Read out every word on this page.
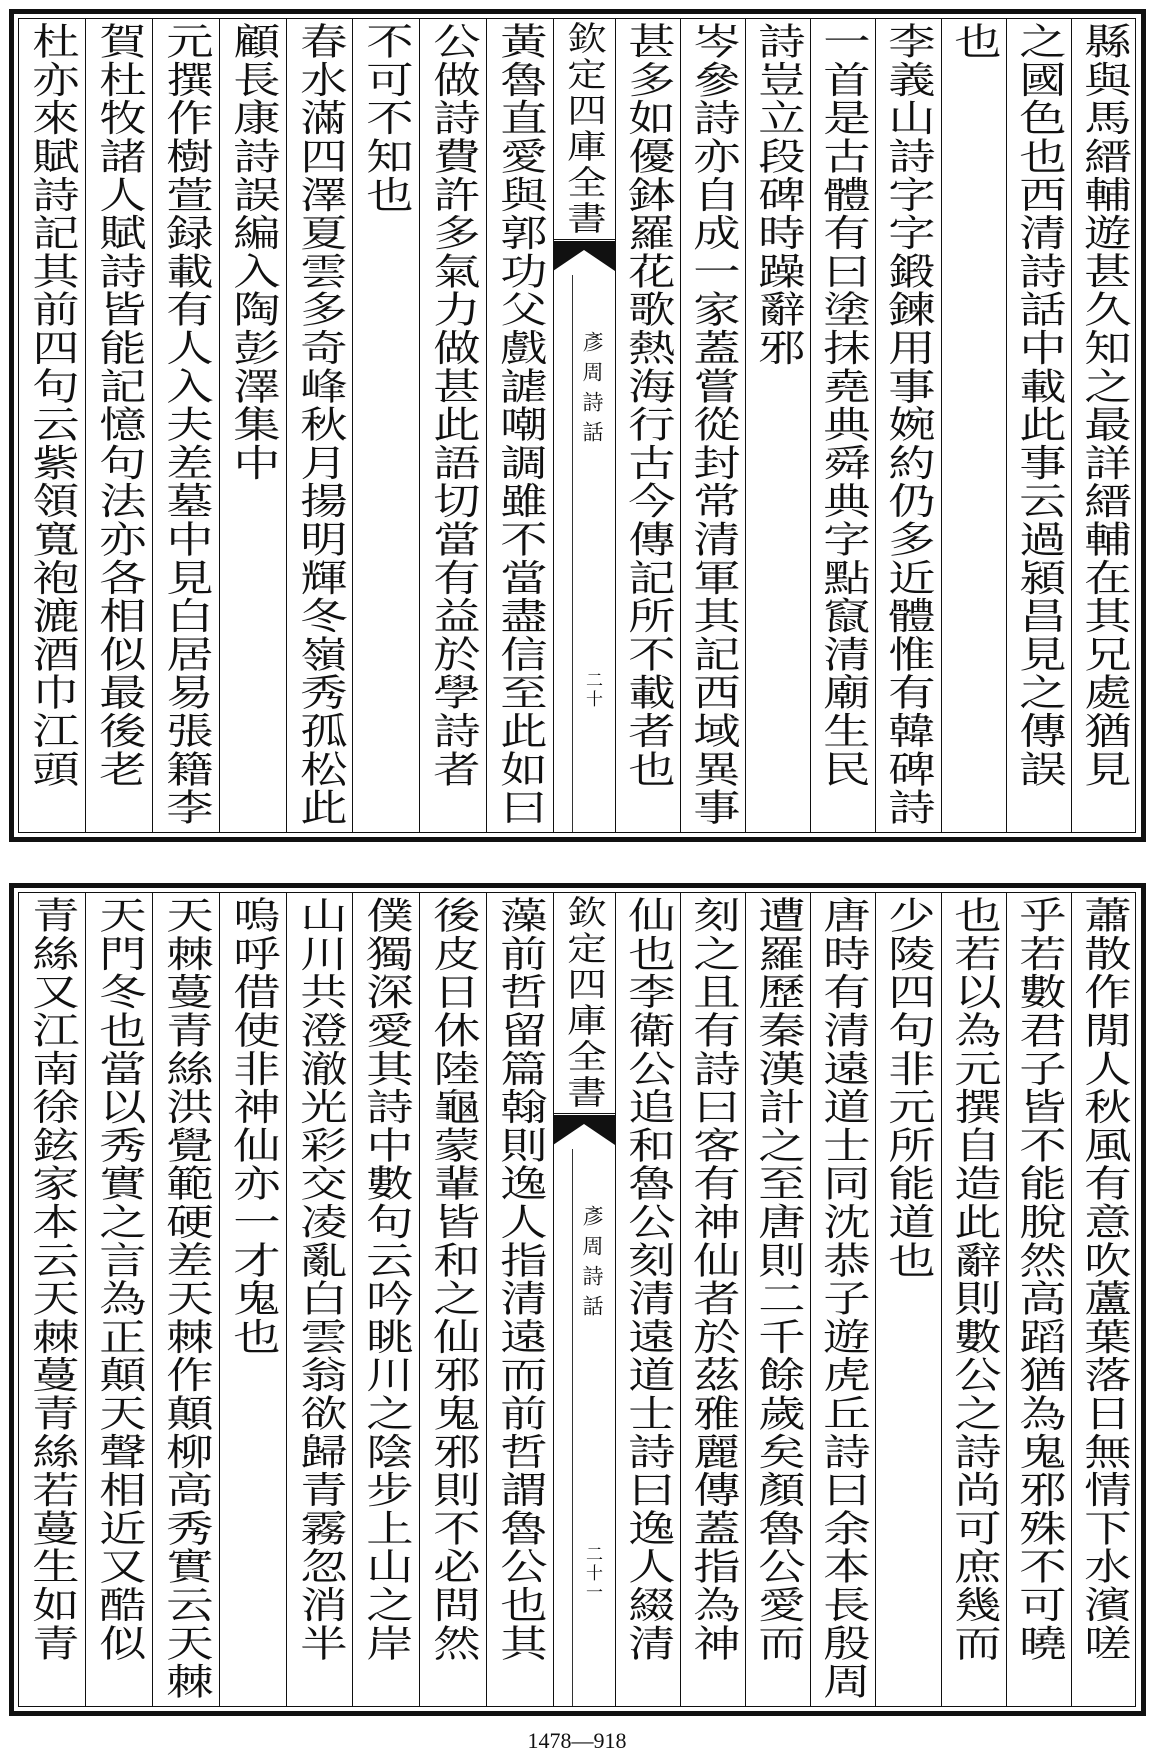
縣與馬縉輔遊甚久知之最詳縉輔在其兄處猶見
之國色也西清詩話中載此事云過潁昌見之傳誤
也
李義山詩字字鍛鍊用事婉約仍多近體惟有韓碑詩
一首是古體有曰塗抹堯典舜典字點竄清廟生民
詩豈立段碑時躁辭邪
岑參詩亦自成一家蓋嘗從封常清軍其記西域異事
甚多如優鉢羅花歌熱海行古今傳記所不載者也
欽定四庫全書
彥周詩話
二十
黃魯直愛與郭功父戲謔嘲調雖不當盡信至此如曰
公做詩費許多氣力做甚此語切當有益於學詩者
不可不知也
春水滿四澤夏雲多奇峰秋月揚明輝冬嶺秀孤松此
顧長康詩誤編入陶彭澤集中
元撰作樹萱録載有人入夫差墓中見白居易張籍李
賀杜牧諸人賦詩皆能記憶句法亦各相似最後老
杜亦來賦詩記其前四句云紫領寬袍漉酒巾江頭
蕭散作閒人秋風有意吹蘆葉落日無情下水濱嗟
乎若數君子皆不能脫然高蹈猶為鬼邪殊不可曉
也若以為元撰自造此辭則數公之詩尚可庶幾而
少陵四句非元所能道也
唐時有清遠道士同沈恭子遊虎丘詩曰余本長殷周
遭羅歷秦漢計之至唐則二千餘歲矣顏魯公愛而
刻之且有詩曰客有神仙者於茲雅麗傳蓋指為神
仙也李衛公追和魯公刻清遠道士詩曰逸人綴清
欽定四庫全書
彥周詩話
二十一
藻前哲留篇翰則逸人指清遠而前哲謂魯公也其
後皮日休陸龜蒙輩皆和之仙邪鬼邪則不必問然
僕獨深愛其詩中數句云吟眺川之陰步上山之岸
山川共澄澈光彩交凌亂白雲翁欲歸青霧忽消半
嗚呼借使非神仙亦一才鬼也
天棘蔓青絲洪覺範硬差天棘作顛柳高秀實云天棘
天門冬也當以秀實之言為正顛天聲相近又酷似
青絲又江南徐鉉家本云天棘蔓青絲若蔓生如青
1478—918
